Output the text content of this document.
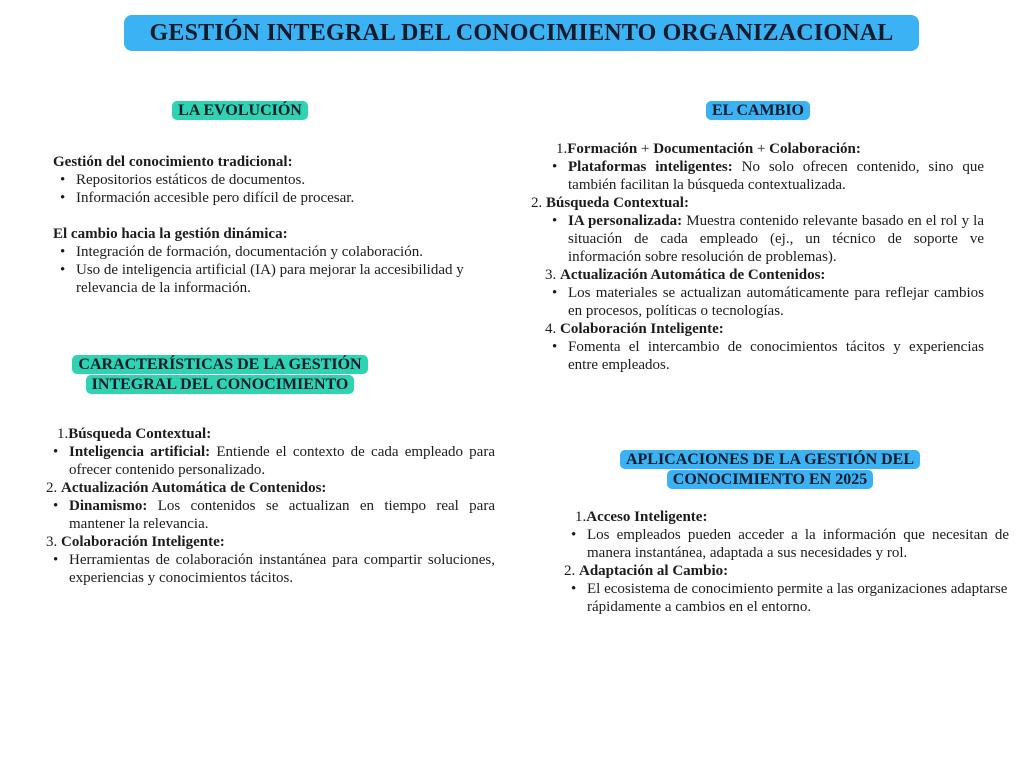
GESTIÓN INTEGRAL DEL CONOCIMIENTO ORGANIZACIONAL
LA EVOLUCIÓN
Gestión del conocimiento tradicional:
• Repositorios estáticos de documentos.
• Información accesible pero difícil de procesar.
El cambio hacia la gestión dinámica:
• Integración de formación, documentación y colaboración.
• Uso de inteligencia artificial (IA) para mejorar la accesibilidad y relevancia de la información.
CARACTERÍSTICAS DE LA GESTIÓN
INTEGRAL DEL CONOCIMIENTO
1.Búsqueda Contextual:
• Inteligencia artificial: Entiende el contexto de cada empleado para ofrecer contenido personalizado.
2. Actualización Automática de Contenidos:
• Dinamismo: Los contenidos se actualizan en tiempo real para mantener la relevancia.
3. Colaboración Inteligente:
• Herramientas de colaboración instantánea para compartir soluciones, experiencias y conocimientos tácitos.
EL CAMBIO
1.Formación + Documentación + Colaboración:
• Plataformas inteligentes: No solo ofrecen contenido, sino que también facilitan la búsqueda contextualizada.
2. Búsqueda Contextual:
• IA personalizada: Muestra contenido relevante basado en el rol y la situación de cada empleado (ej., un técnico de soporte ve información sobre resolución de problemas).
3. Actualización Automática de Contenidos:
• Los materiales se actualizan automáticamente para reflejar cambios en procesos, políticas o tecnologías.
4. Colaboración Inteligente:
• Fomenta el intercambio de conocimientos tácitos y experiencias entre empleados.
APLICACIONES DE LA GESTIÓN DEL
CONOCIMIENTO EN 2025
1.Acceso Inteligente:
• Los empleados pueden acceder a la información que necesitan de manera instantánea, adaptada a sus necesidades y rol.
2. Adaptación al Cambio:
• El ecosistema de conocimiento permite a las organizaciones adaptarse rápidamente a cambios en el entorno.
